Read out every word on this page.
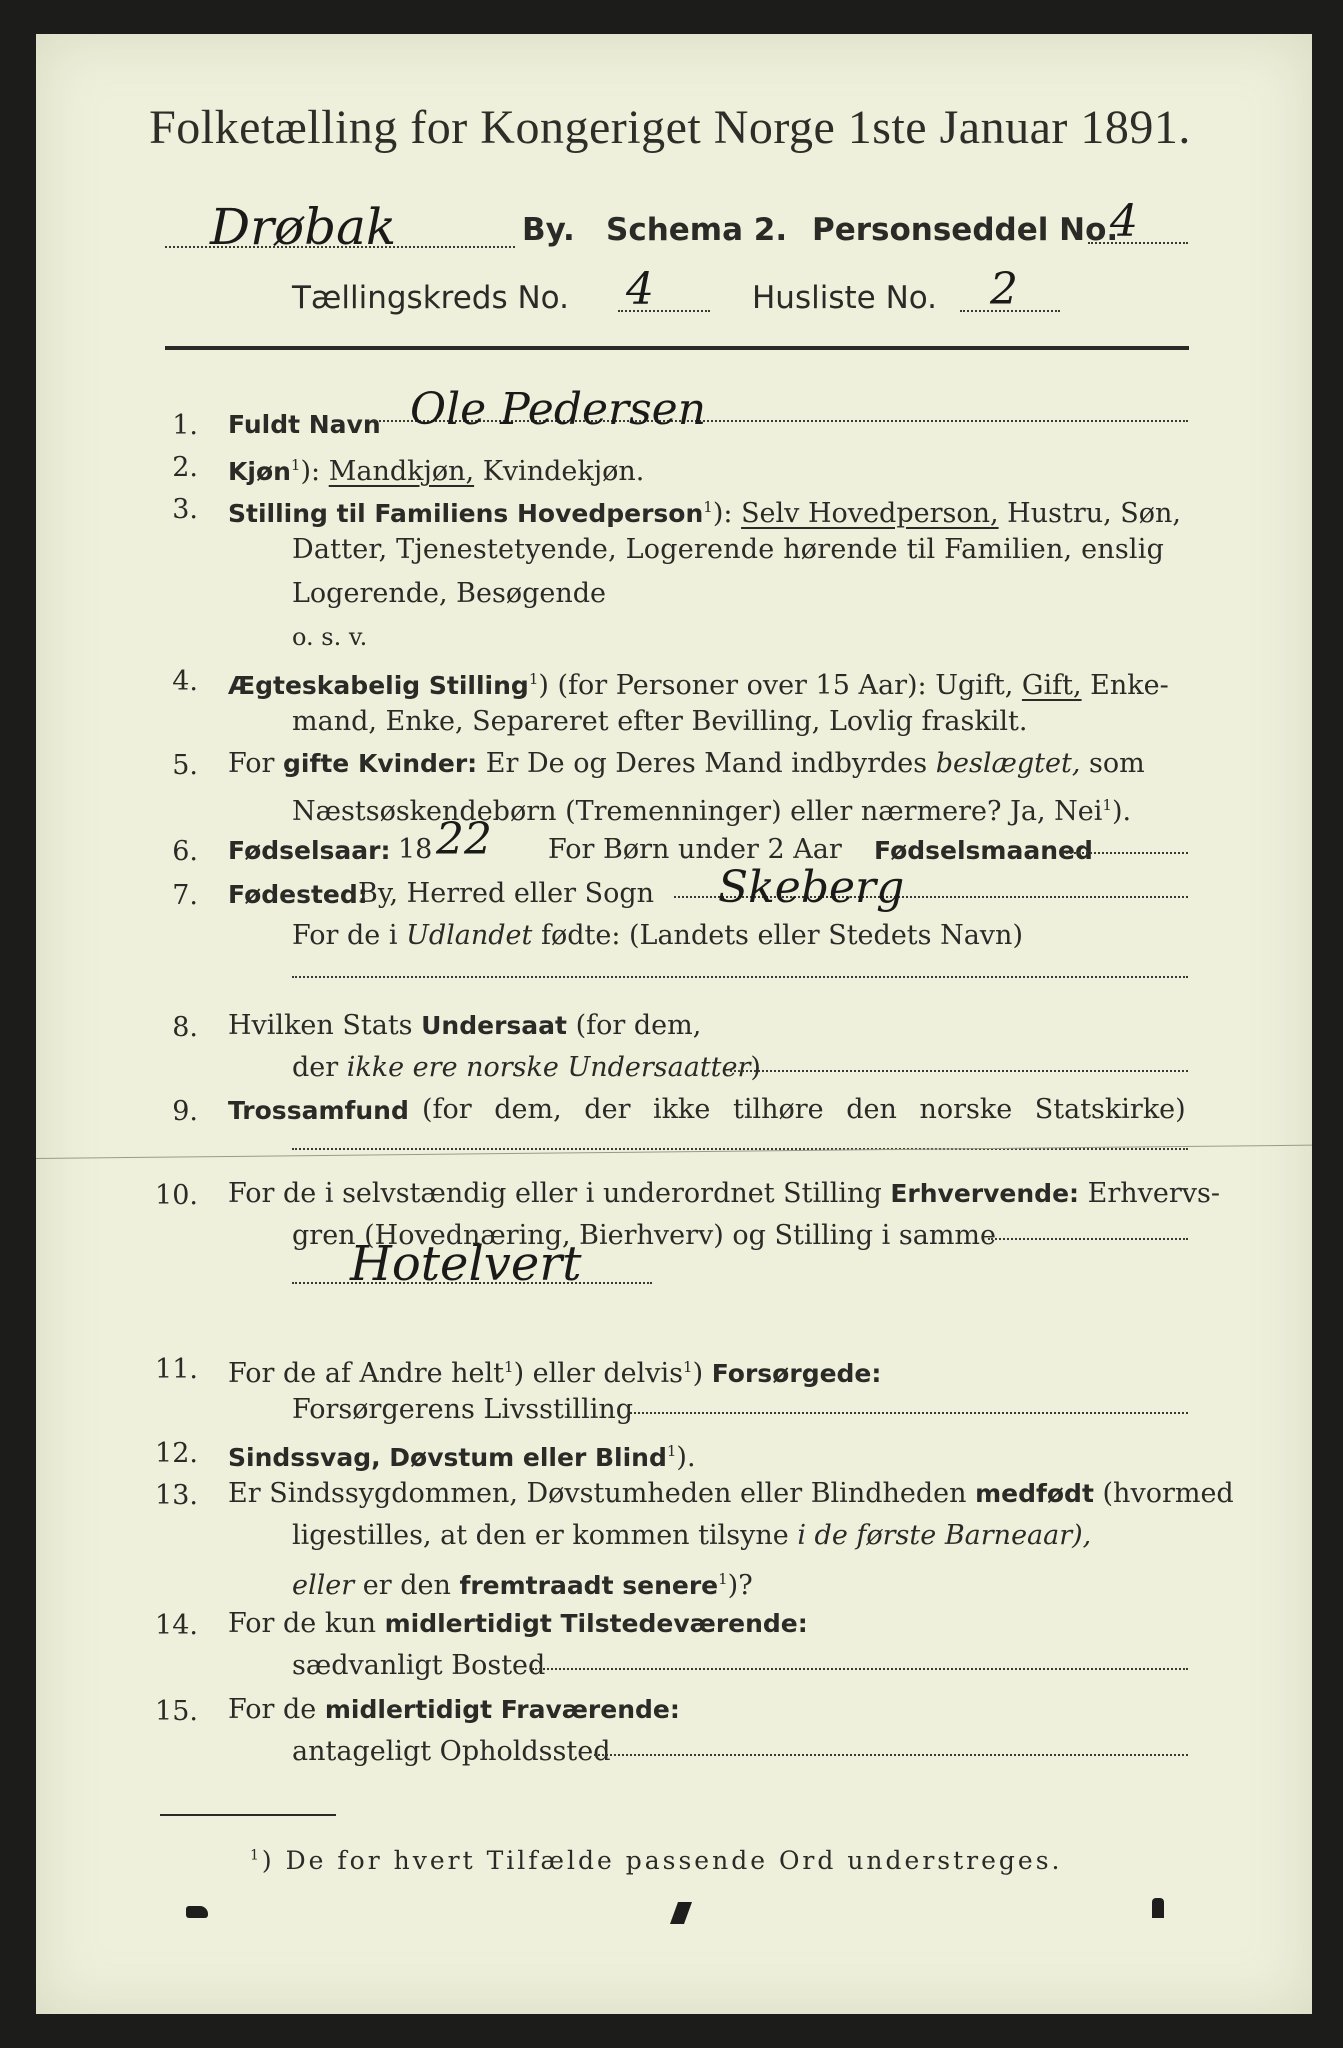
Folketælling for Kongeriget Norge 1ste Januar 1891.
Drøbak	By. Schema 2. Personseddel No.
4
Tællingskreds No. 4	Husliste No. 2
1. Fuldt Navn Ole Pedersen
2. Kjøn$^1$): Mandkjøn, Kvindekjøn.
3. Stilling til Familiens Hovedperson$^1$): Selv Hovedperson, Hustru, Søn,
Datter, Tjenestetyende, Logerende hørende til Familien, enslig
Logerende, Besøgende
o. s. v.
4. Ægteskabelig Stilling$^1$) (for Personer over 15 Aar): Ugift, Gift, Enke-
mand, Enke, Separeret efter Bevilling, Lovlig fraskilt.
5. For gifte Kvinder: Er De og Deres Mand indbyrdes beslægtet, som
Næstsøskendebørn (Tremenninger) eller nærmere? Ja, Nei$^1$).
6. Fødselsaar: 18 22 For Børn under 2 Aar Fødselsmaaned
7. Fødested:
By, Herred eller Sogn Skeberg
For de i Udlandet fødte: (Landets eller Stedets Navn)
8. Hvilken Stats Undersaat (for dem,
der ikke ere norske Undersaatter)
9. Trossamfund (for dem, der ikke tilhøre den norske Statskirke)
10. For de i selvstændig eller i underordnet Stilling Erhvervende: Erhvervs-
gren (Hovednæring, Bierhverv) og Stilling i samme
Hotelvert
11. For de af Andre helt$^1$) eller delvis$^1$) Forsørgede:
Forsørgerens Livsstilling
12. Sindssvag, Døvstum eller Blind$^1$).
13. Er Sindssygdommen, Døvstumheden eller Blindheden medfødt (hvormed
ligestilles, at den er kommen tilsyne i de første Barneaar),
eller er den fremtraadt senere$^1$)?
14. For de kun midlertidigt Tilstedeværende:
sædvanligt Bosted
15. For de midlertidigt Fraværende:
antageligt Opholdssted
$^1$) De for hvert Tilfælde passende Ord understreges.
